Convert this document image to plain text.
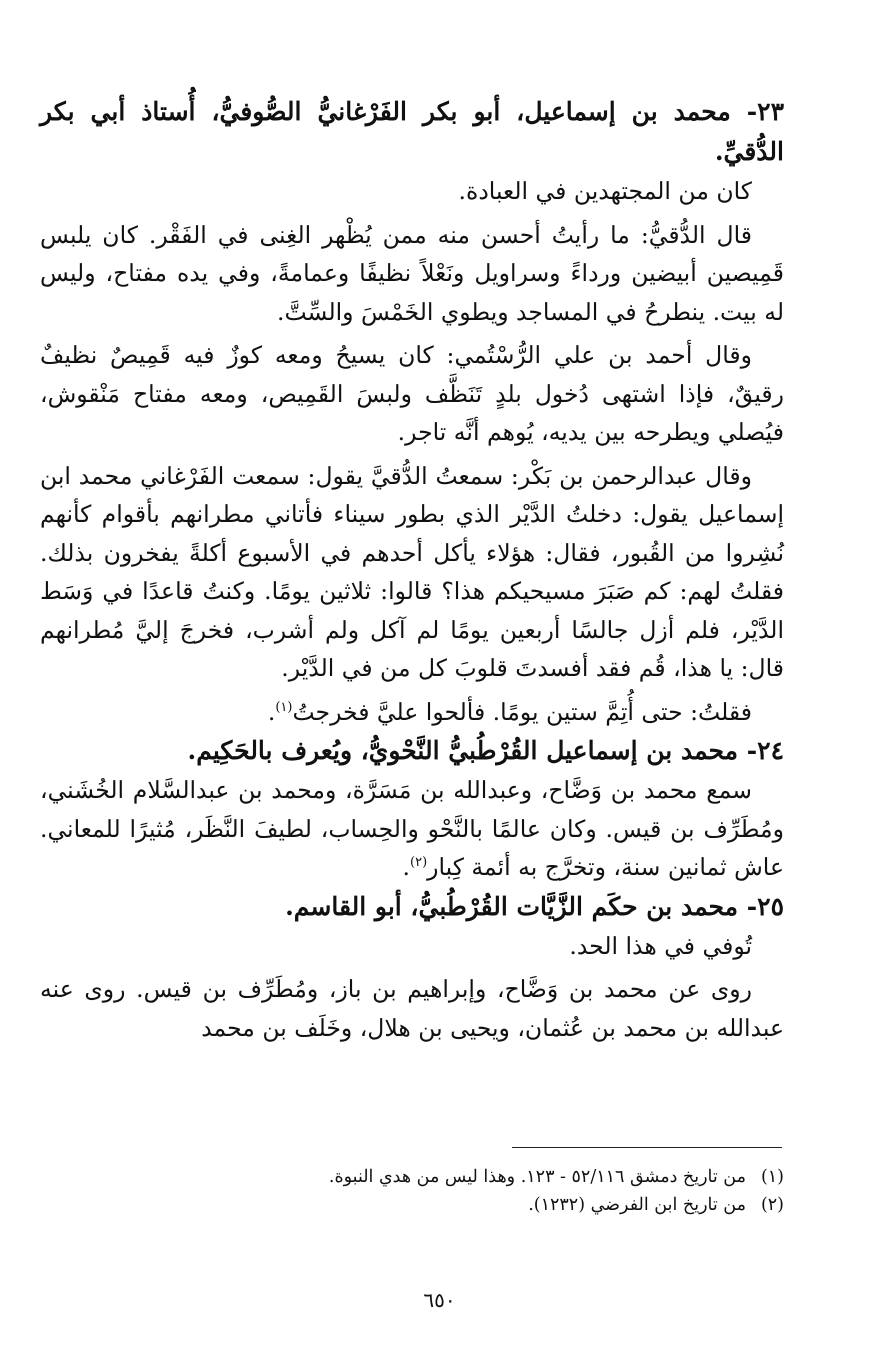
٢٣- محمد بن إسماعيل، أبو بكر الفَرْغانيُّ الصُّوفيُّ، أُستاذ أبي بكر الدُّقيِّ.

كان من المجتهدين في العبادة.

قال الدُّقيُّ: ما رأيتُ أحسن منه ممن يُظْهر الغِنى في الفَقْر. كان يلبس قَمِيصين أبيضين ورداءً وسراويل ونَعْلاً نظيفًا وعمامةً، وفي يده مفتاح، وليس له بيت. ينطرحُ في المساجد ويطوي الخَمْسَ والسِّتَّ.

وقال أحمد بن علي الرُّسْتُمي: كان يسيحُ ومعه كوزٌ فيه قَمِيصٌ نظيفٌ رقيقٌ، فإذا اشتهى دُخول بلدٍ تَنَظَّف ولبسَ القَمِيص، ومعه مفتاح مَنْقوش، فيُصلي ويطرحه بين يديه، يُوهم أنَّه تاجر.

وقال عبدالرحمن بن بَكْر: سمعتُ الدُّقيَّ يقول: سمعت الفَرْغاني محمد ابن إسماعيل يقول: دخلتُ الدَّيْر الذي بطور سيناء فأتاني مطرانهم بأقوام كأنهم نُشِروا من القُبور، فقال: هؤلاء يأكل أحدهم في الأسبوع أكلةً يفخرون بذلك. فقلتُ لهم: كم صَبَرَ مسيحيكم هذا؟ قالوا: ثلاثين يومًا. وكنتُ قاعدًا في وَسَط الدَّيْر، فلم أزل جالسًا أربعين يومًا لم آكل ولم أشرب، فخرجَ إليَّ مُطرانهم قال: يا هذا، قُم فقد أفسدتَ قلوبَ كل من في الدَّيْر.

فقلتُ: حتى أُتِمَّ ستين يومًا. فألحوا عليَّ فخرجتُ$^{(١)}$.

٢٤- محمد بن إسماعيل القُرْطُبيُّ النَّحْويُّ، ويُعرف بالحَكِيم.

سمع محمد بن وَضَّاح، وعبدالله بن مَسَرَّة، ومحمد بن عبدالسَّلام الخُشَني، ومُطَرِّف بن قيس. وكان عالمًا بالنَّحْو والحِساب، لطيفَ النَّظَر، مُثيرًا للمعاني. عاش ثمانين سنة، وتخرَّج به أئمة كِبار$^{(٢)}$.

٢٥- محمد بن حكَم الزَّيَّات القُرْطُبيُّ، أبو القاسم.

تُوفي في هذا الحد.

روى عن محمد بن وَضَّاح، وإبراهيم بن باز، ومُطَرِّف بن قيس. روى عنه عبدالله بن محمد بن عُثمان، ويحيى بن هلال، وخَلَف بن محمد

(١)من تاريخ دمشق ٥٢/١١٦ - ١٢٣. وهذا ليس من هدي النبوة.

(٢)من تاريخ ابن الفرضي (١٢٣٢).

٦٥٠
